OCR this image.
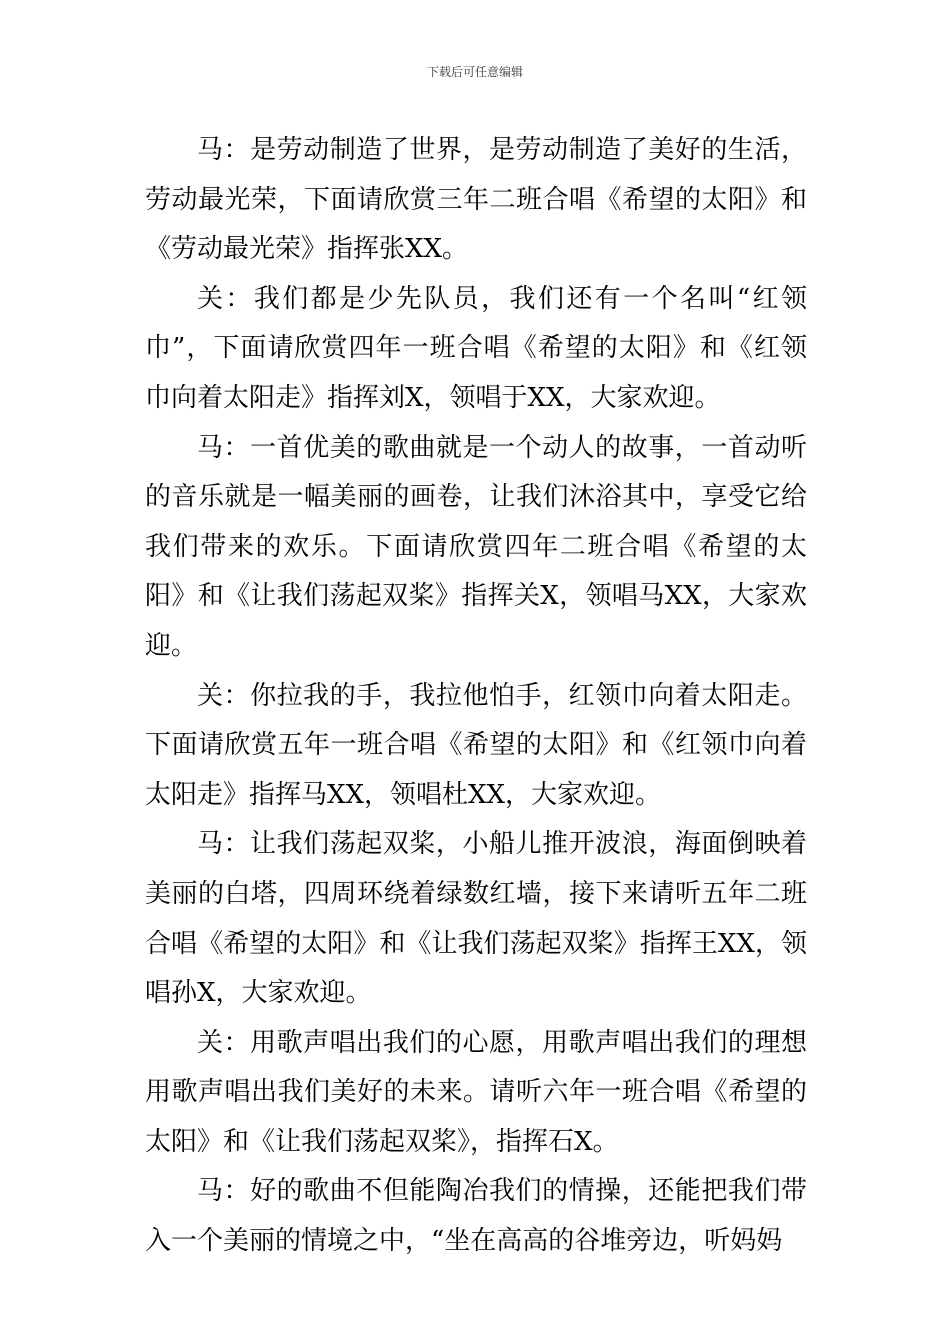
下载后可任意编辑

马：是劳动制造了世界，是劳动制造了美好的生活，劳动最光荣，下面请欣赏三年二班合唱《希望的太阳》和《劳动最光荣》指挥张XX。

关：我们都是少先队员，我们还有一个名叫“红领巾”，下面请欣赏四年一班合唱《希望的太阳》和《红领巾向着太阳走》指挥刘X，领唱于XX，大家欢迎。

马：一首优美的歌曲就是一个动人的故事，一首动听的音乐就是一幅美丽的画卷，让我们沐浴其中，享受它给我们带来的欢乐。下面请欣赏四年二班合唱《希望的太阳》和《让我们荡起双桨》指挥关X，领唱马XX，大家欢迎。

关：你拉我的手，我拉他怕手，红领巾向着太阳走。下面请欣赏五年一班合唱《希望的太阳》和《红领巾向着太阳走》指挥马XX，领唱杜XX，大家欢迎。

马：让我们荡起双桨，小船儿推开波浪，海面倒映着美丽的白塔，四周环绕着绿数红墙，接下来请听五年二班合唱《希望的太阳》和《让我们荡起双桨》指挥王XX，领唱孙X，大家欢迎。

关：用歌声唱出我们的心愿，用歌声唱出我们的理想用歌声唱出我们美好的未来。请听六年一班合唱《希望的太阳》和《让我们荡起双桨》，指挥石X。

马：好的歌曲不但能陶冶我们的情操，还能把我们带入一个美丽的情境之中，“坐在高高的谷堆旁边，听妈妈
